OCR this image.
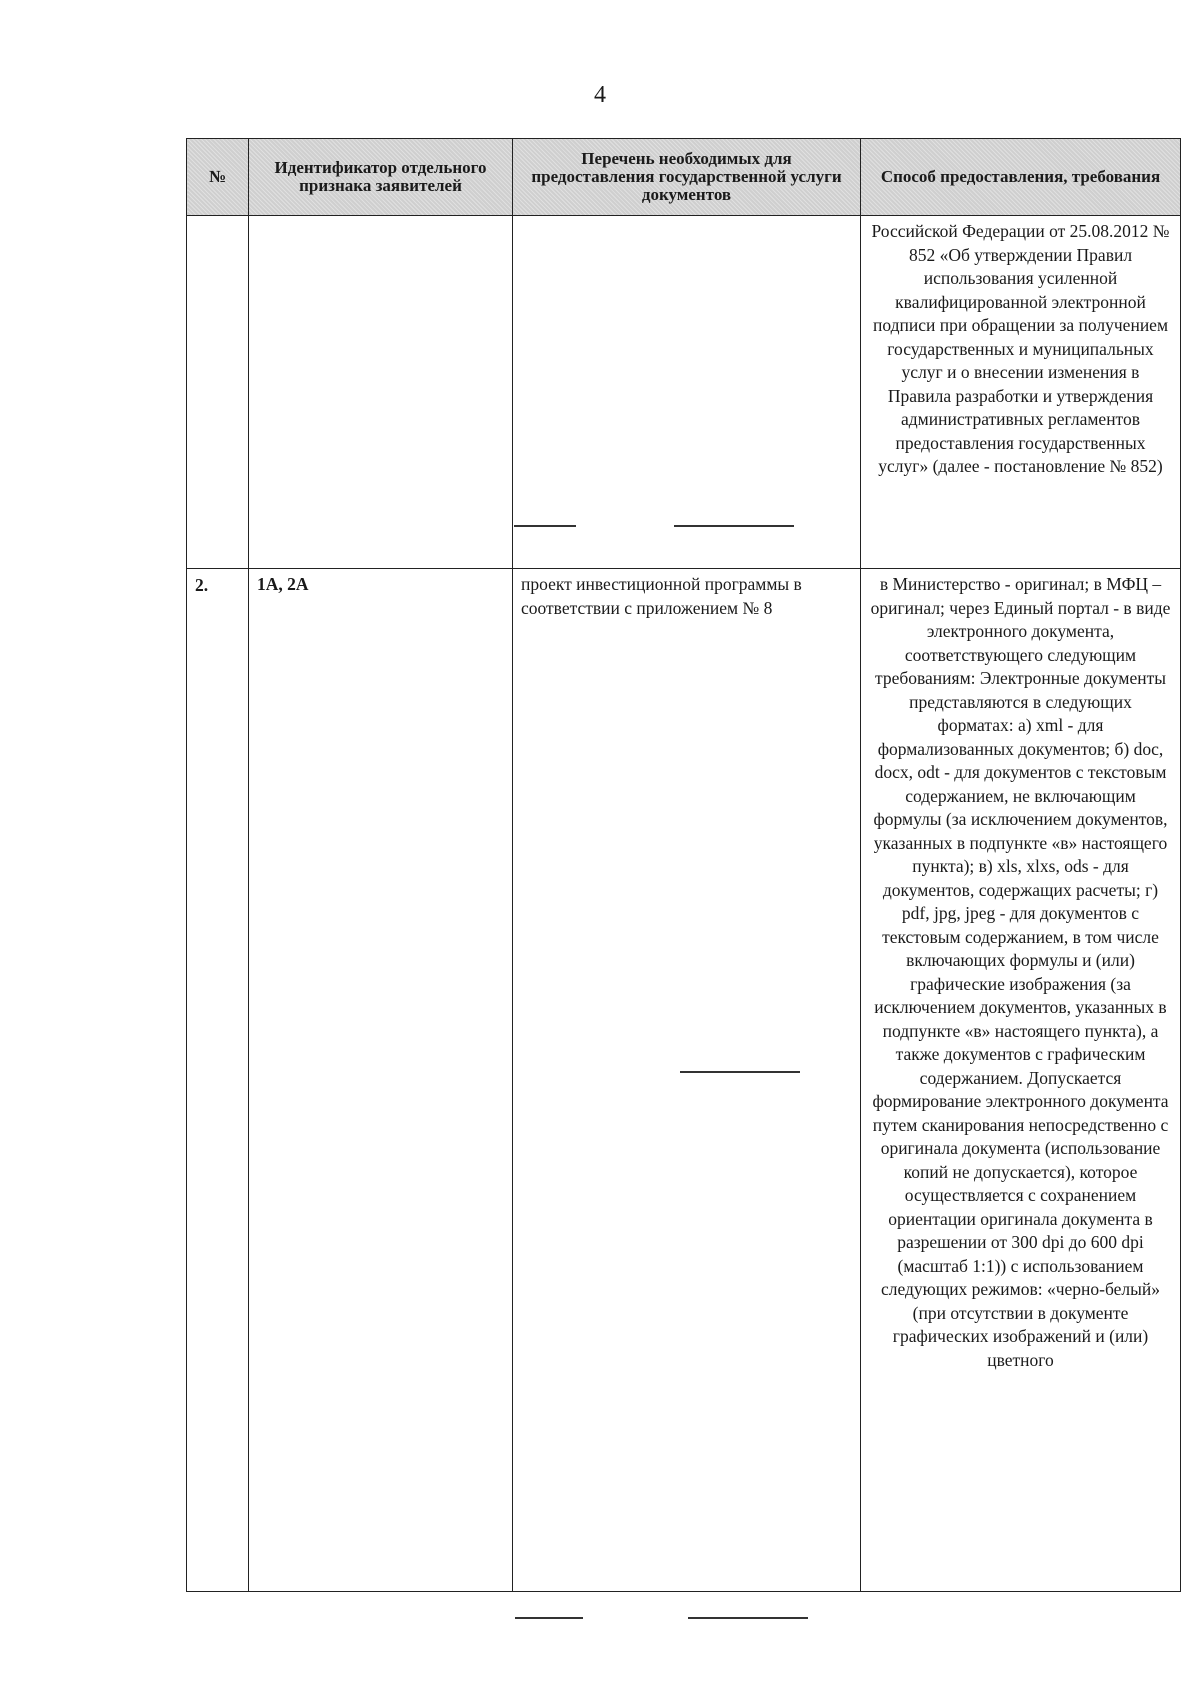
4
№	Идентификатор отдельного признака заявителей	Перечень необходимых для предоставления государственной услуги документов	Способ предоставления, требования

			Российской Федерации от 25.08.2012 № 852 «Об утверждении Правил использования усиленной квалифицированной электронной подписи при обращении за получением государственных и муниципальных услуг и о внесении изменения в Правила разработки и утверждения административных регламентов предоставления государственных услуг» (далее - постановление № 852)

2.	1А, 2А	проект инвестиционной программы в соответствии с приложением № 8	в Министерство - оригинал; в МФЦ – оригинал; через Единый портал - в виде электронного документа, соответствующего следующим требованиям: Электронные документы представляются в следующих форматах: а) xml - для формализованных документов; б) doc, docx, odt - для документов с текстовым содержанием, не включающим формулы (за исключением документов, указанных в подпункте «в» настоящего пункта); в) xls, xlxs, ods - для документов, содержащих расчеты; г) pdf, jpg, jpeg - для документов с текстовым содержанием, в том числе включающих формулы и (или) графические изображения (за исключением документов, указанных в подпункте «в» настоящего пункта), а также документов с графическим содержанием. Допускается формирование электронного документа путем сканирования непосредственно с оригинала документа (использование копий не допускается), которое осуществляется с сохранением ориентации оригинала документа в разрешении от 300 dpi до 600 dpi (масштаб 1:1)) с использованием следующих режимов: «черно-белый» (при отсутствии в документе графических изображений и (или) цветного
